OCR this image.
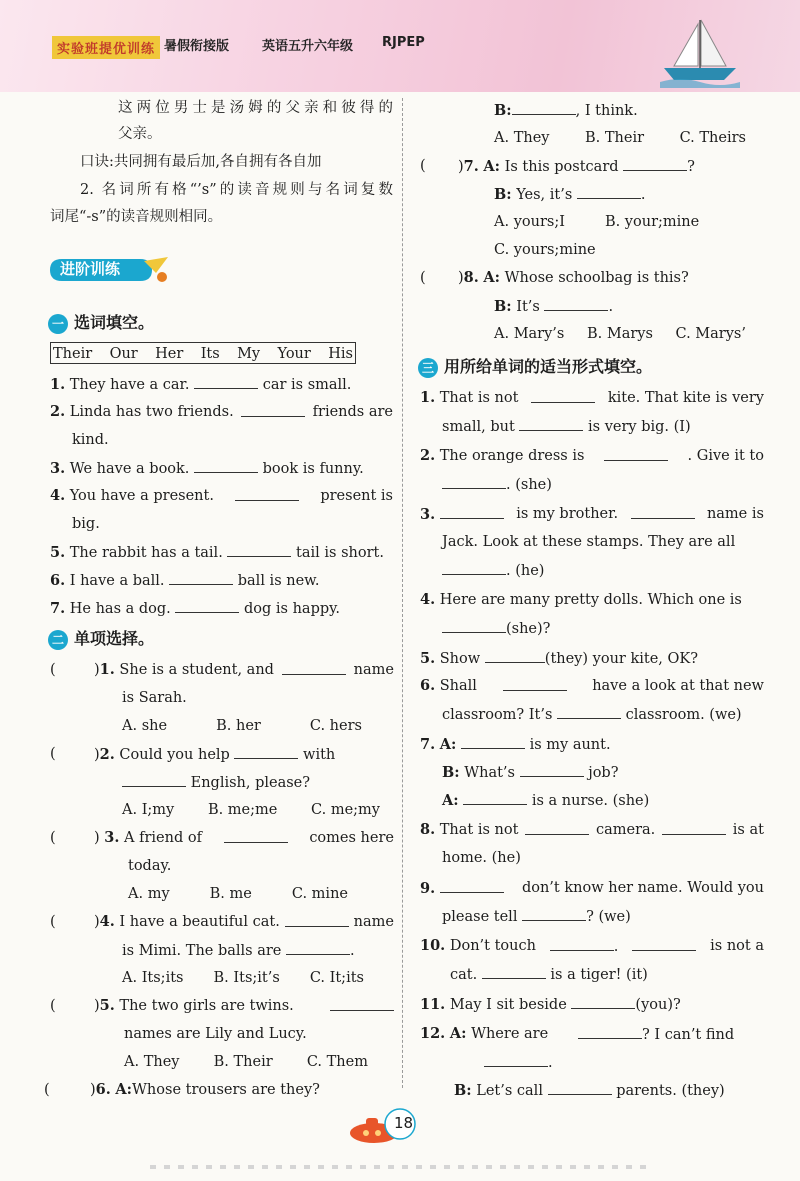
实验班提优训练 暑假衔接版	英语五升六年级 RJPEP
这两位男士是汤姆的父亲和彼得的
父亲。
口诀:共同拥有最后加,各自拥有各自加
2. 名词所有格“’s”的读音规则与名词复数
词尾“-s”的读音规则相同。
进阶训练
一 选词填空。
Their Our Her Its My Your His
1. They have a car.	car is small.
2. Linda has two friends.	friends are
kind.
3. We have a book.	book is funny.
4. You have a present.	present is
big.
5. The rabbit has a tail.	tail is short.
6. I have a ball.	ball is new.
7. He has a dog.	dog is happy.
二 单项选择。
(	)1. She is a student, and	name
is Sarah.
A. she	B. her	C. hers
(	)2. Could you help	with
English, please?
A. I;my B. me;me C. me;my
(	) 3. A friend of	comes here
today.
A. my	B. me	C. mine
(	)4. I have a beautiful cat.	name
is Mimi. The balls are	.
A. Its;its B. Its;it’s C. It;its
(	)5. The two girls are twins.
names are Lily and Lucy.
A. They B. Their C. Them
(	)6. A:Whose trousers are they?
B:	, I think.
A. They B. Their C. Theirs
( )7. A: Is this postcard	?
B: Yes, it’s	.
A. yours;I	B. your;mine
C. yours;mine
( )8. A: Whose schoolbag is this?
B: It’s	.
A. Mary’s B. Marys C. Marys’
三 用所给单词的适当形式填空。
1. That is not	kite. That kite is very
small, but	is very big. (I)
2. The orange dress is	. Give it to
. (she)
3.	is my brother.	name is
Jack. Look at these stamps. They are all
. (he)
4. Here are many pretty dolls. Which one is
(she)?
5. Show	(they) your kite, OK?
6. Shall	have a look at that new
classroom? It’s	classroom. (we)
7. A:	is my aunt.
B: What’s	job?
A:	is a nurse. (she)
8. That is not	camera.	is at
home. (he)
9.	don’t know her name. Would you
please tell	? (we)
10. Don’t touch	.	is not a
cat.	is a tiger! (it)
11. May I sit beside	(you)?
12. A: Where are	? I can’t find
.
B: Let’s call	parents. (they)
18
